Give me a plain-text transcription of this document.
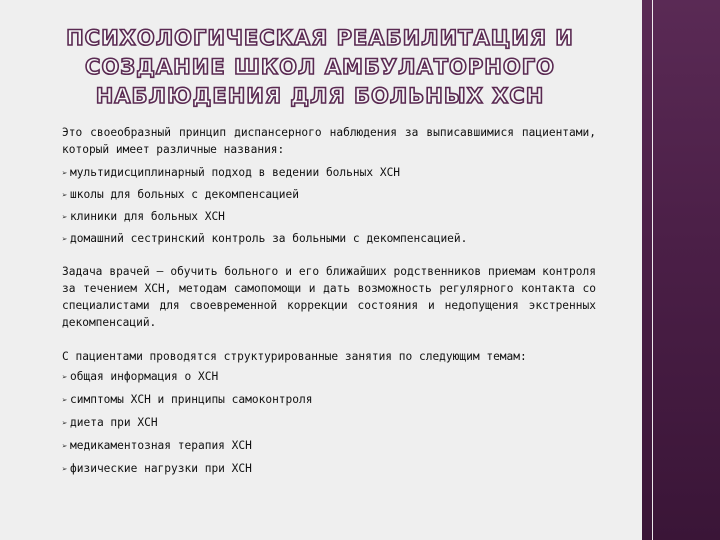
ПСИХОЛОГИЧЕСКАЯ РЕАБИЛИТАЦИЯ И
СОЗДАНИЕ ШКОЛ АМБУЛАТОРНОГО
НАБЛЮДЕНИЯ ДЛЯ БОЛЬНЫХ ХСН

Это своеобразный принцип диспансерного наблюдения за выписавшимися пациентами, который имеет различные названия:

➢ мультидисциплинарный подход в ведении больных ХСН
➢ школы для больных с декомпенсацией
➢ клиники для больных ХСН
➢ домашний сестринский контроль за больными с декомпенсацией.

Задача врачей – обучить больного и его ближайших родственников приемам контроля за течением ХСН, методам самопомощи и дать возможность регулярного контакта со специалистами для своевременной коррекции состояния и недопущения экстренных декомпенсаций.

С пациентами проводятся структурированные занятия по следующим темам:

➢ общая информация о ХСН
➢ симптомы ХСН и принципы самоконтроля
➢ диета при ХСН
➢ медикаментозная терапия ХСН
➢ физические нагрузки при ХСН
